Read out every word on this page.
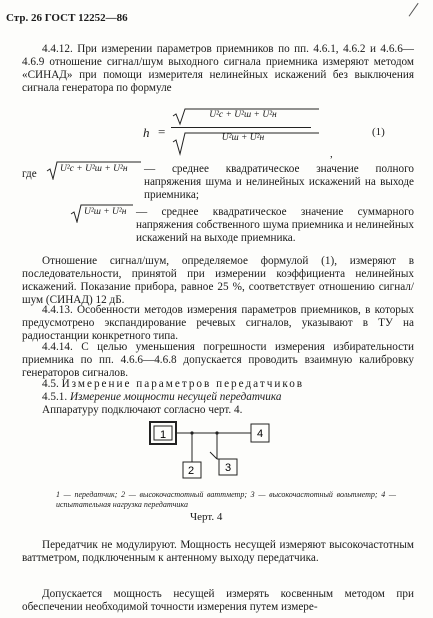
Стр. 26 ГОСТ 12252—86

4.4.12. При измерении параметров приемников по пп. 4.6.1, 4.6.2 и 4.6.6—4.6.9 отношение сигнал/шум выходного сигнала приемника измеряют методом «СИНАД» при помощи измерителя нелинейных искажений без выключения сигнала генератора по формуле

h =
U²с + U²ш + U²н
U²ш + U²н
,
(1)
где U²с + U²ш + U²н — среднее квадратическое значение полного напряжения шума и нелинейных искажений на выходе приемника;

U²ш + U²н — среднее квадратическое значение суммарного напряжения собственного шума приемника и нелинейных искажений на выходе приемника.

Отношение сигнал/шум, определяемое формулой (1), измеряют в последовательности, принятой при измерении коэффициента нелинейных искажений. Показание прибора, равное 25 %, соответствует отношению сигнал/шум (СИНАД) 12 дБ.

4.4.13. Особенности методов измерения параметров приемников, в которых предусмотрено экспандирование речевых сигналов, указывают в ТУ на радиостанции конкретного типа.

4.4.14. С целью уменьшения погрешности измерения избирательности приемника по пп. 4.6.6—4.6.8 допускается проводить взаимную калибровку генераторов сигналов.

4.5. Измерение параметров передатчиков
4.5.1. Измерение мощности несущей передатчика

Аппаратуру подключают согласно черт. 4.

1	4
2	3
1 — передатчик; 2 — высокочастотный ваттметр; 3 — высокочастотный вольтметр; 4 — испытательная нагрузка передатчика
Черт. 4

Передатчик не модулируют. Мощность несущей измеряют высокочастотным ваттметром, подключенным к антенному выходу передатчика.

Допускается мощность несущей измерять косвенным методом при обеспечении необходимой точности измерения путем измере-
